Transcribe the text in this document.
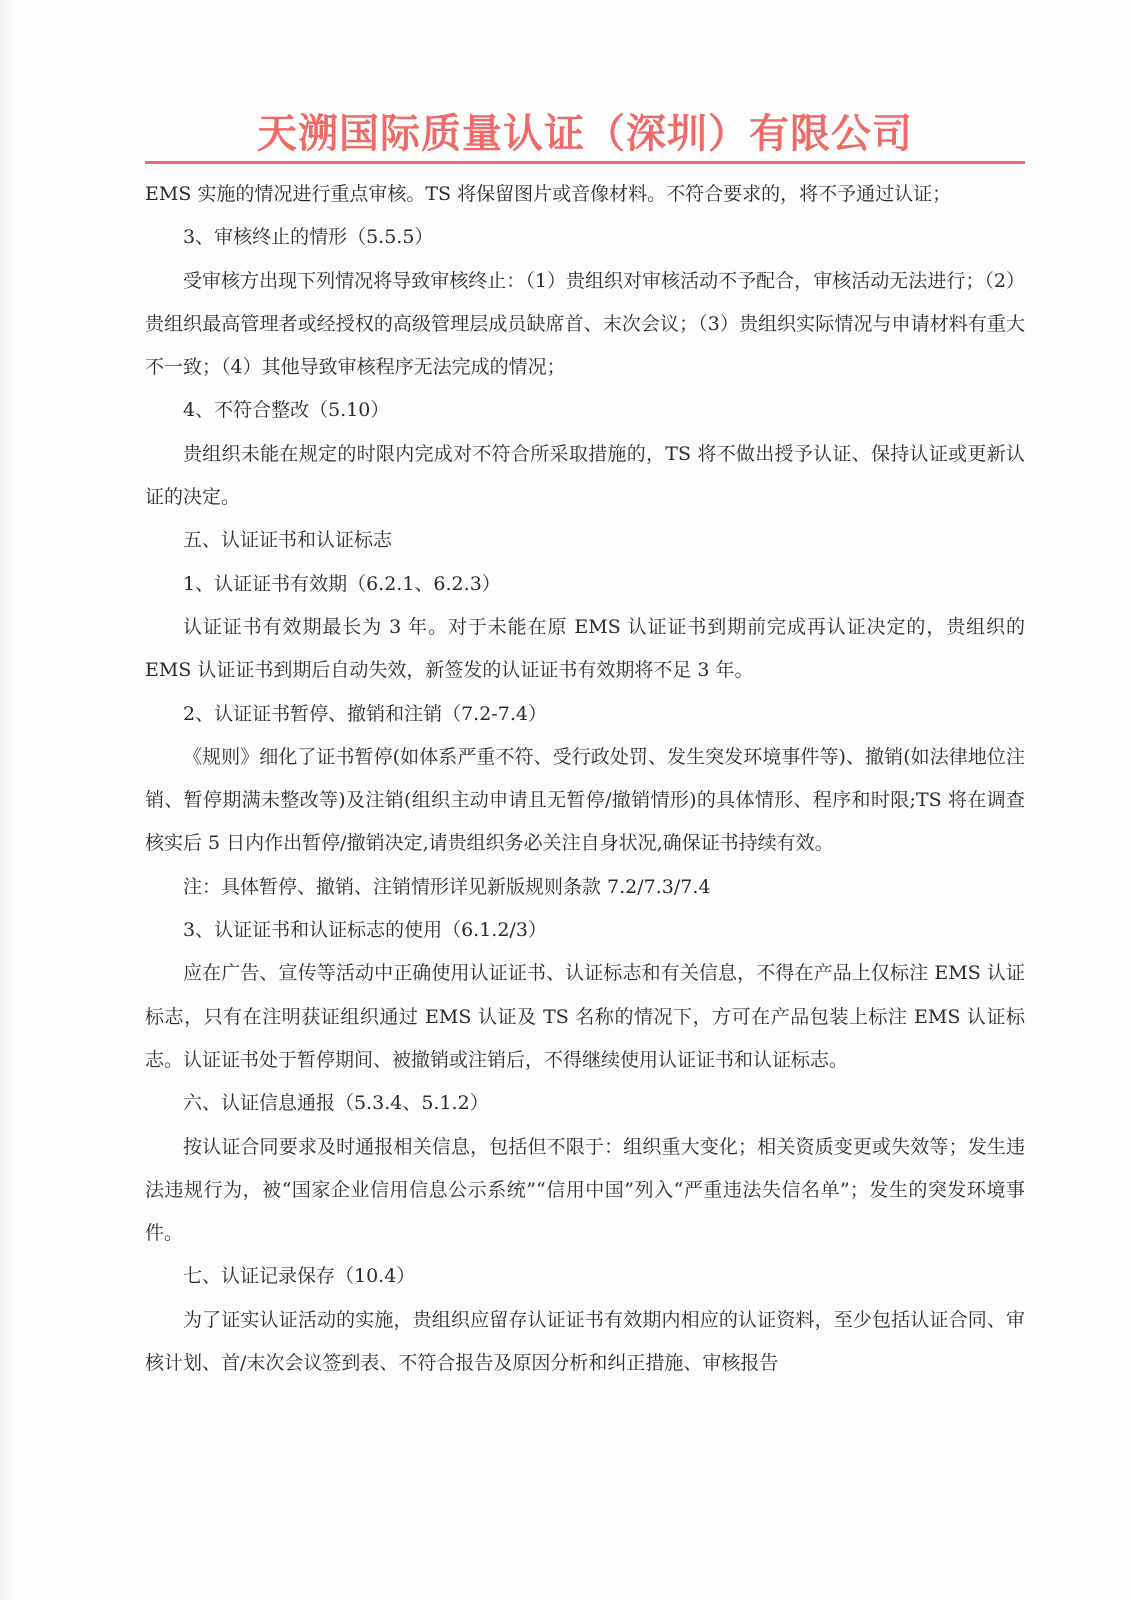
天溯国际质量认证（深圳）有限公司

EMS 实施的情况进行重点审核。TS 将保留图片或音像材料。不符合要求的，将不予通过认证；

3、审核终止的情形（5.5.5）

受审核方出现下列情况将导致审核终止：（1）贵组织对审核活动不予配合，审核活动无法进行；（2）贵组织最高管理者或经授权的高级管理层成员缺席首、末次会议；（3）贵组织实际情况与申请材料有重大不一致；（4）其他导致审核程序无法完成的情况；

4、不符合整改（5.10）

贵组织未能在规定的时限内完成对不符合所采取措施的，TS 将不做出授予认证、保持认证或更新认证的决定。

五、认证证书和认证标志

1、认证证书有效期（6.2.1、6.2.3）

认证证书有效期最长为 3 年。对于未能在原 EMS 认证证书到期前完成再认证决定的，贵组织的 EMS 认证证书到期后自动失效，新签发的认证证书有效期将不足 3 年。

2、认证证书暂停、撤销和注销（7.2-7.4）

《规则》细化了证书暂停(如体系严重不符、受行政处罚、发生突发环境事件等)、撤销(如法律地位注销、暂停期满未整改等)及注销(组织主动申请且无暂停/撤销情形)的具体情形、程序和时限;TS 将在调查核实后 5 日内作出暂停/撤销决定,请贵组织务必关注自身状况,确保证书持续有效。

注：具体暂停、撤销、注销情形详见新版规则条款 7.2/7.3/7.4

3、认证证书和认证标志的使用（6.1.2/3）

应在广告、宣传等活动中正确使用认证证书、认证标志和有关信息，不得在产品上仅标注 EMS 认证标志，只有在注明获证组织通过 EMS 认证及 TS 名称的情况下，方可在产品包装上标注 EMS 认证标志。认证证书处于暂停期间、被撤销或注销后，不得继续使用认证证书和认证标志。

六、认证信息通报（5.3.4、5.1.2）

按认证合同要求及时通报相关信息，包括但不限于：组织重大变化；相关资质变更或失效等；发生违法违规行为，被“国家企业信用信息公示系统”“信用中国”列入“严重违法失信名单”；发生的突发环境事件。

七、认证记录保存（10.4）

为了证实认证活动的实施，贵组织应留存认证证书有效期内相应的认证资料，至少包括认证合同、审核计划、首/末次会议签到表、不符合报告及原因分析和纠正措施、审核报告
